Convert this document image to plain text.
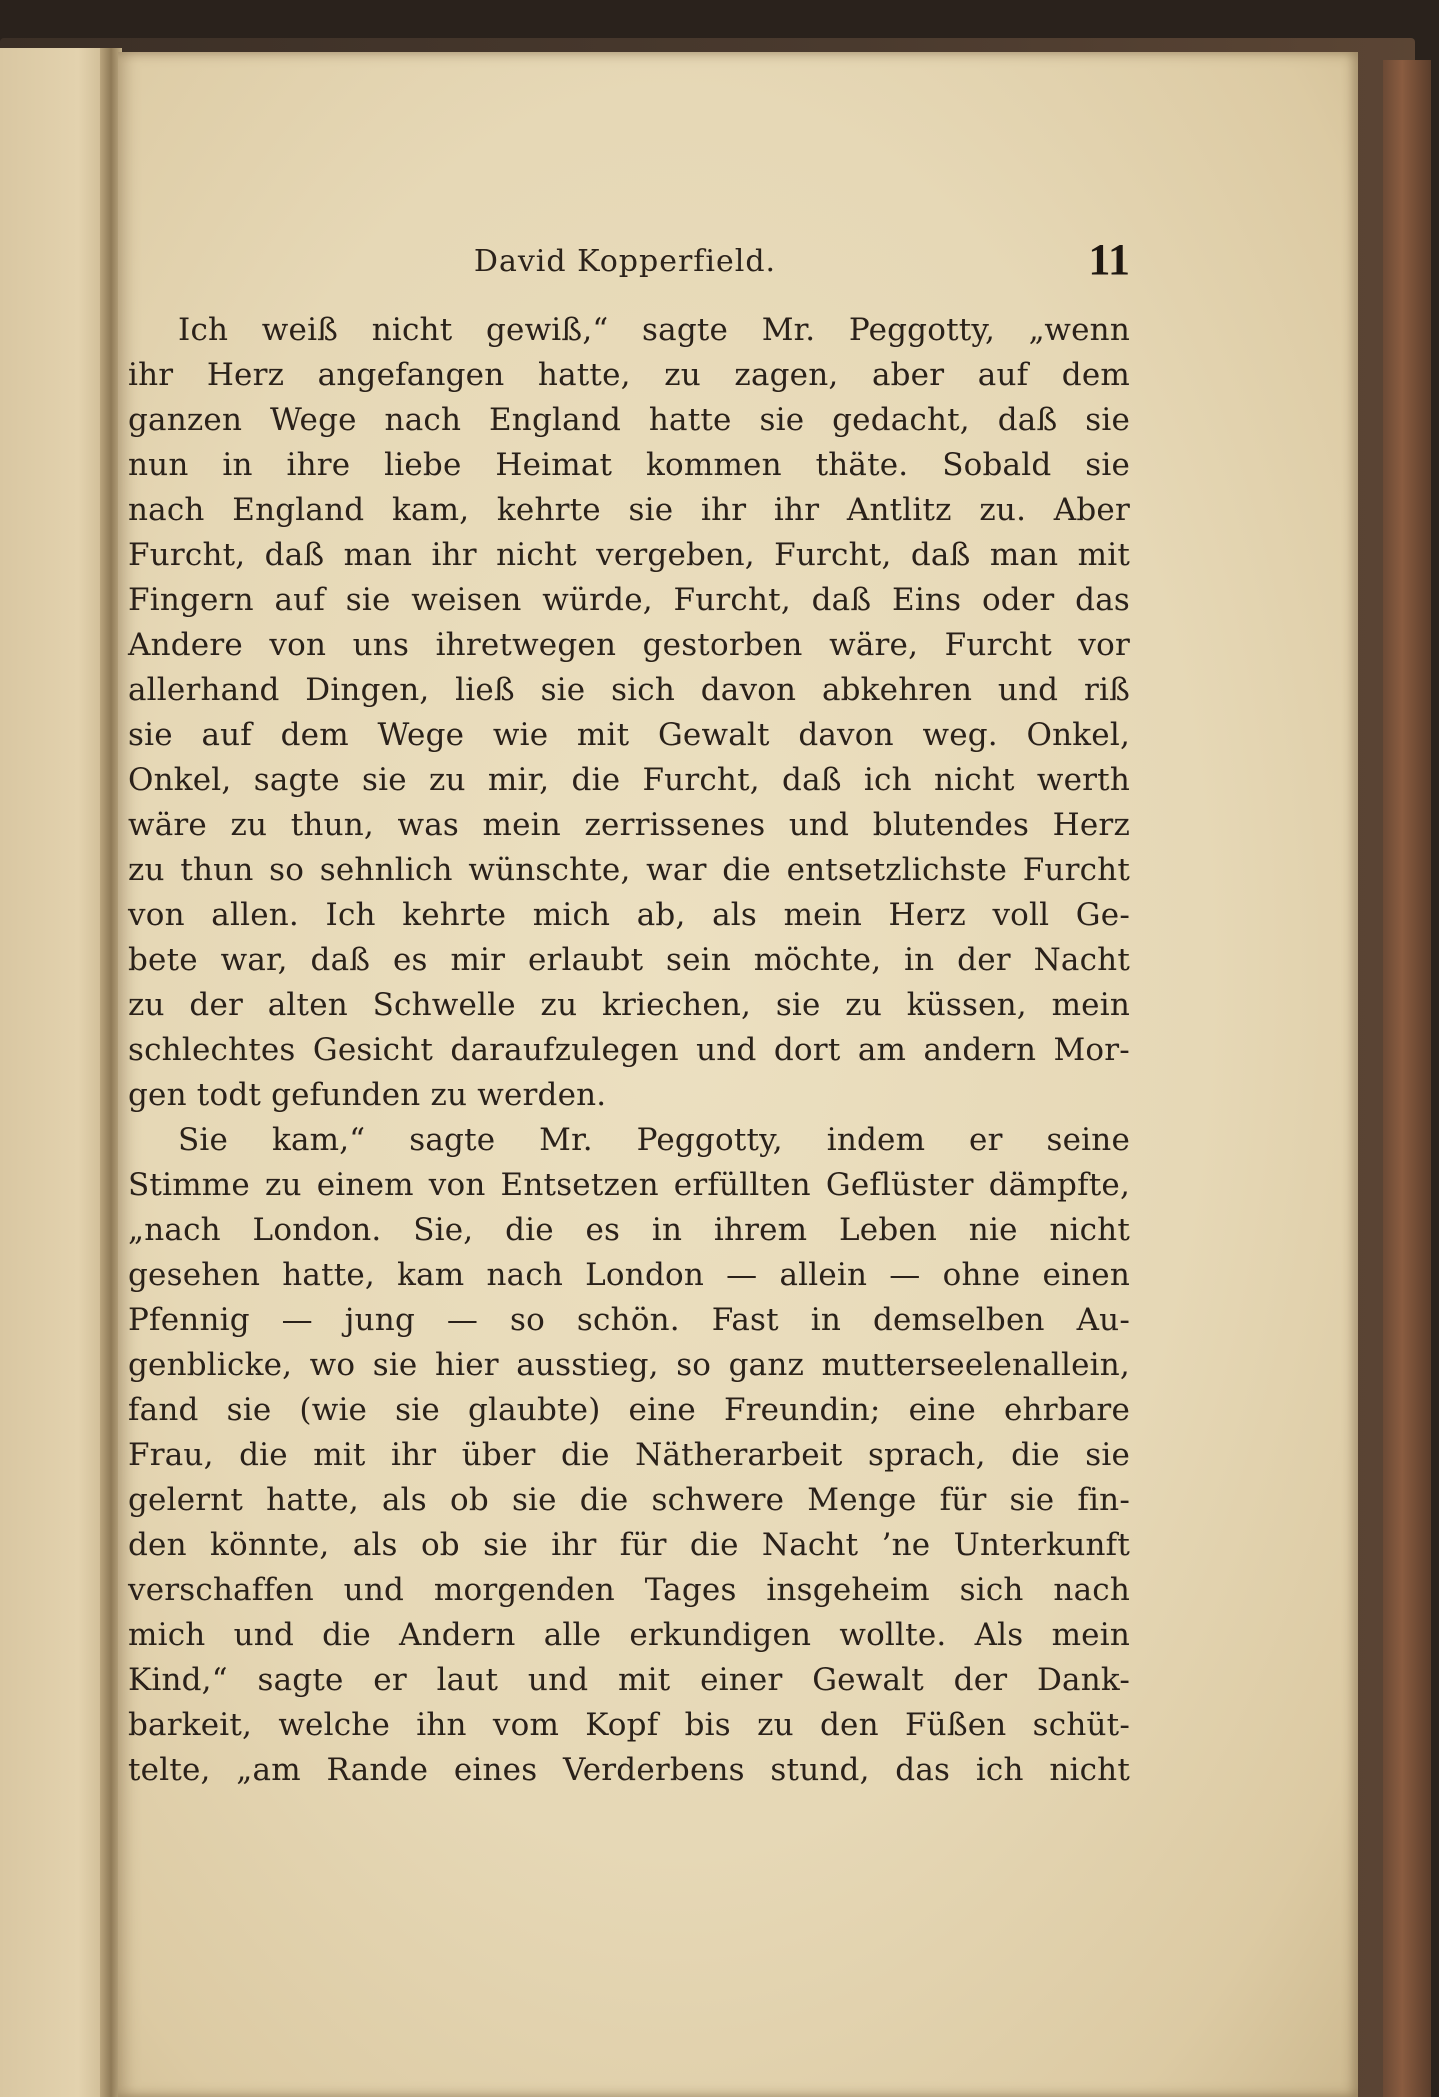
David Kopperfield.	11
Ich weiß nicht gewiß,“ sagte Mr. Peggotty, „wenn
ihr Herz angefangen hatte, zu zagen, aber auf dem
ganzen Wege nach England hatte sie gedacht, daß sie
nun in ihre liebe Heimat kommen thäte. Sobald sie
nach England kam, kehrte sie ihr ihr Antlitz zu. Aber
Furcht, daß man ihr nicht vergeben, Furcht, daß man mit
Fingern auf sie weisen würde, Furcht, daß Eins oder das
Andere von uns ihretwegen gestorben wäre, Furcht vor
allerhand Dingen, ließ sie sich davon abkehren und riß
sie auf dem Wege wie mit Gewalt davon weg. Onkel,
Onkel, sagte sie zu mir, die Furcht, daß ich nicht werth
wäre zu thun, was mein zerrissenes und blutendes Herz
zu thun so sehnlich wünschte, war die entsetzlichste Furcht
von allen. Ich kehrte mich ab, als mein Herz voll Ge-
bete war, daß es mir erlaubt sein möchte, in der Nacht
zu der alten Schwelle zu kriechen, sie zu küssen, mein
schlechtes Gesicht daraufzulegen und dort am andern Mor-
gen todt gefunden zu werden.
Sie kam,“ sagte Mr. Peggotty, indem er seine
Stimme zu einem von Entsetzen erfüllten Geflüster dämpfte,
„nach London. Sie, die es in ihrem Leben nie nicht
gesehen hatte, kam nach London — allein — ohne einen
Pfennig — jung — so schön. Fast in demselben Au-
genblicke, wo sie hier ausstieg, so ganz mutterseelenallein,
fand sie (wie sie glaubte) eine Freundin; eine ehrbare
Frau, die mit ihr über die Nätherarbeit sprach, die sie
gelernt hatte, als ob sie die schwere Menge für sie fin-
den könnte, als ob sie ihr für die Nacht ’ne Unterkunft
verschaffen und morgenden Tages insgeheim sich nach
mich und die Andern alle erkundigen wollte. Als mein
Kind,“ sagte er laut und mit einer Gewalt der Dank-
barkeit, welche ihn vom Kopf bis zu den Füßen schüt-
telte, „am Rande eines Verderbens stund, das ich nicht
